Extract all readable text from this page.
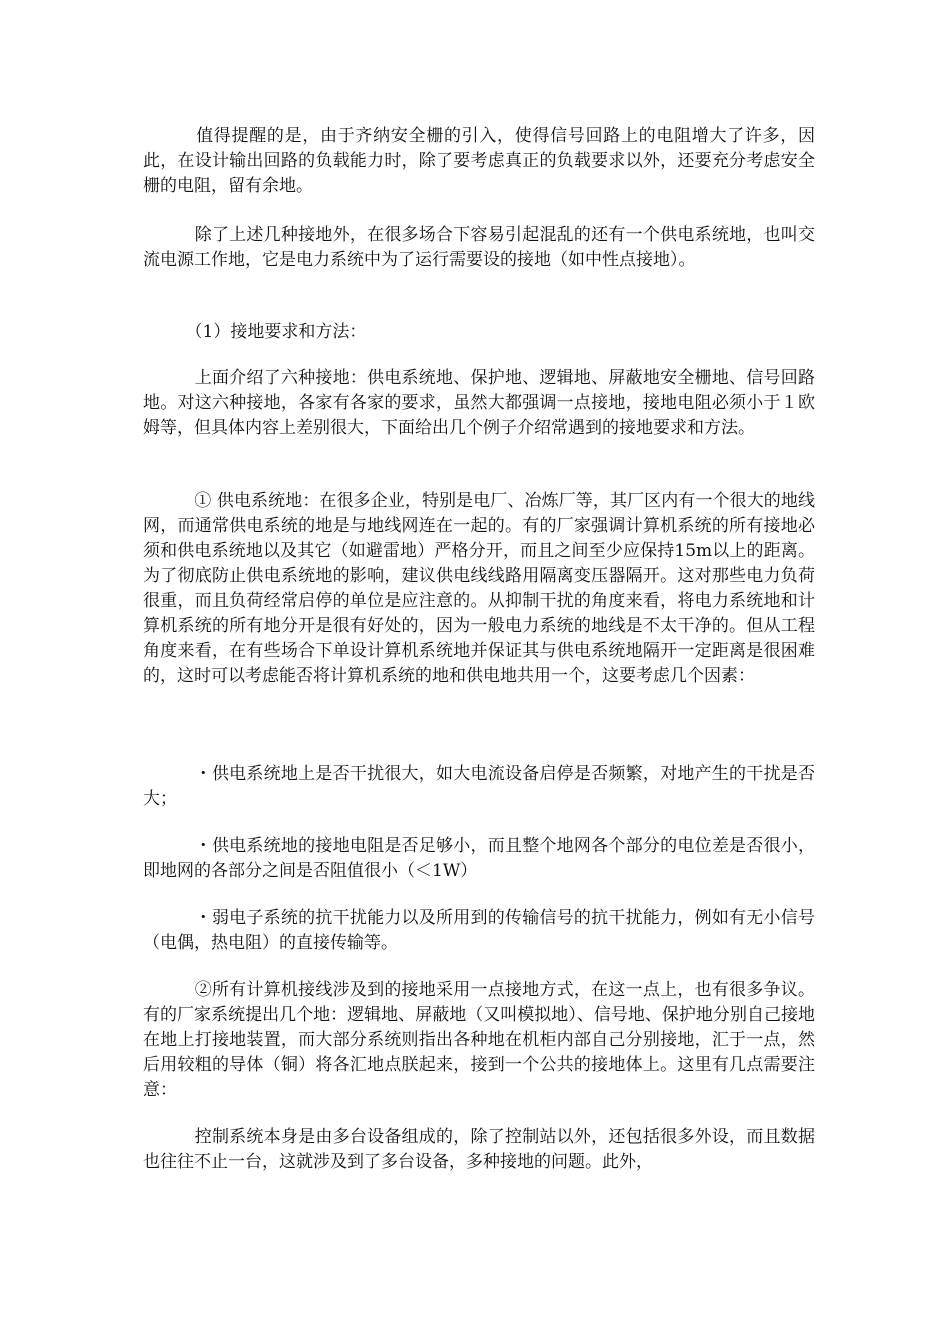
　　　值得提醒的是，由于齐纳安全栅的引入，使得信号回路上的电阻增大了许多，因此，在设计输出回路的负载能力时，除了要考虑真正的负载要求以外，还要充分考虑安全栅的电阻，留有余地。

　　　除了上述几种接地外，在很多场合下容易引起混乱的还有一个供电系统地，也叫交流电源工作地，它是电力系统中为了运行需要设的接地（如中性点接地）。

　　　（1）接地要求和方法：

　　　上面介绍了六种接地：供电系统地、保护地、逻辑地、屏蔽地安全栅地、信号回路地。对这六种接地，各家有各家的要求，虽然大都强调一点接地，接地电阻必须小于１欧姆等，但具体内容上差别很大，下面给出几个例子介绍常遇到的接地要求和方法。

　　　① 供电系统地：在很多企业，特别是电厂、冶炼厂等，其厂区内有一个很大的地线网，而通常供电系统的地是与地线网连在一起的。有的厂家强调计算机系统的所有接地必须和供电系统地以及其它（如避雷地）严格分开，而且之间至少应保持15m以上的距离。为了彻底防止供电系统地的影响，建议供电线线路用隔离变压器隔开。这对那些电力负荷很重，而且负荷经常启停的单位是应注意的。从抑制干扰的角度来看，将电力系统地和计算机系统的所有地分开是很有好处的，因为一般电力系统的地线是不太干净的。但从工程角度来看，在有些场合下单设计算机系统地并保证其与供电系统地隔开一定距离是很困难的，这时可以考虑能否将计算机系统的地和供电地共用一个，这要考虑几个因素：

　　　・供电系统地上是否干扰很大，如大电流设备启停是否频繁，对地产生的干扰是否大；

　　　・供电系统地的接地电阻是否足够小，而且整个地网各个部分的电位差是否很小，即地网的各部分之间是否阻值很小（＜1W）

　　　・弱电子系统的抗干扰能力以及所用到的传输信号的抗干扰能力，例如有无小信号（电偶，热电阻）的直接传输等。

　　　②所有计算机接线涉及到的接地采用一点接地方式，在这一点上，也有很多争议。有的厂家系统提出几个地：逻辑地、屏蔽地（又叫模拟地）、信号地、保护地分别自己接地在地上打接地装置，而大部分系统则指出各种地在机柜内部自己分别接地，汇于一点，然后用较粗的导体（铜）将各汇地点朕起来，接到一个公共的接地体上。这里有几点需要注意：

　　　控制系统本身是由多台设备组成的，除了控制站以外，还包括很多外设，而且数据也往往不止一台，这就涉及到了多台设备，多种接地的问题。此外，
